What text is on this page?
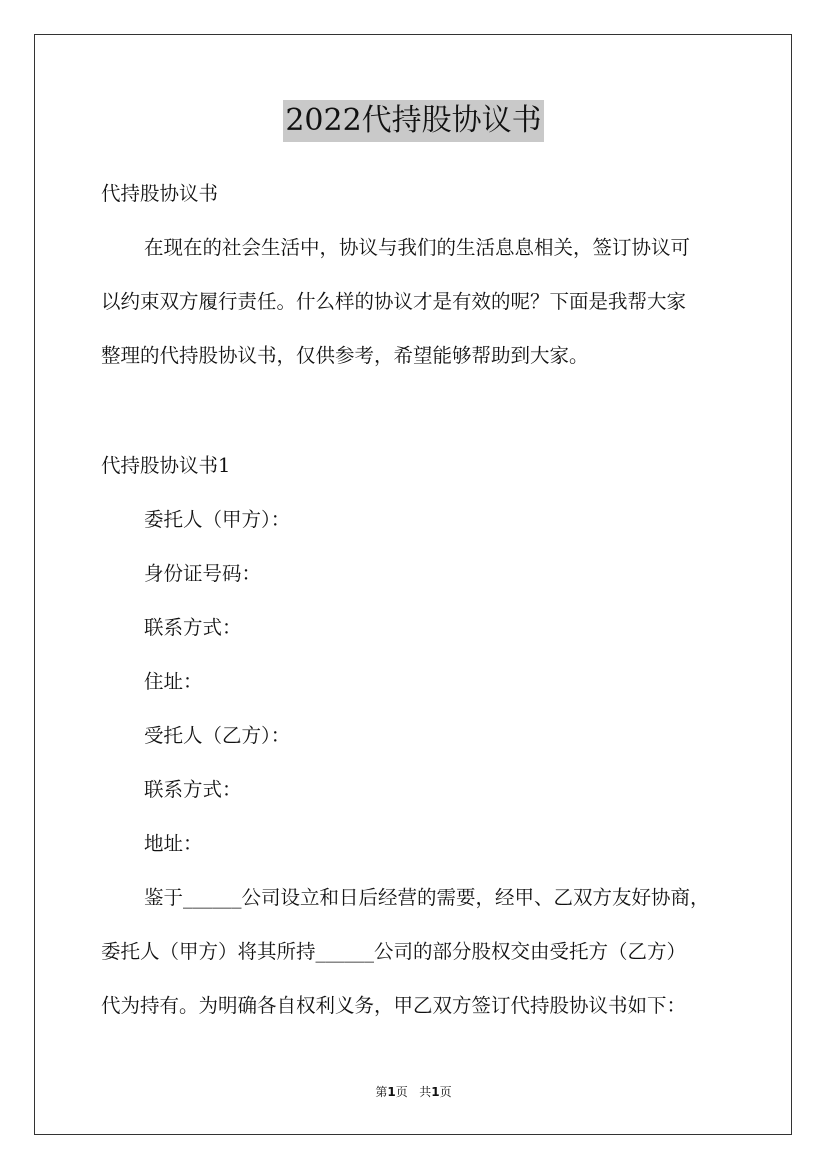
2022代持股协议书
代持股协议书
在现在的社会生活中，协议与我们的生活息息相关，签订协议可
以约束双方履行责任。什么样的协议才是有效的呢？下面是我帮大家
整理的代持股协议书，仅供参考，希望能够帮助到大家。
代持股协议书1
委托人（甲方）：
身份证号码：
联系方式：
住址：
受托人（乙方）：
联系方式：
地址：
鉴于______公司设立和日后经营的需要，经甲、乙双方友好协商，
委托人（甲方）将其所持______公司的部分股权交由受托方（乙方）
代为持有。为明确各自权利义务，甲乙双方签订代持股协议书如下：
第1页 共1页
